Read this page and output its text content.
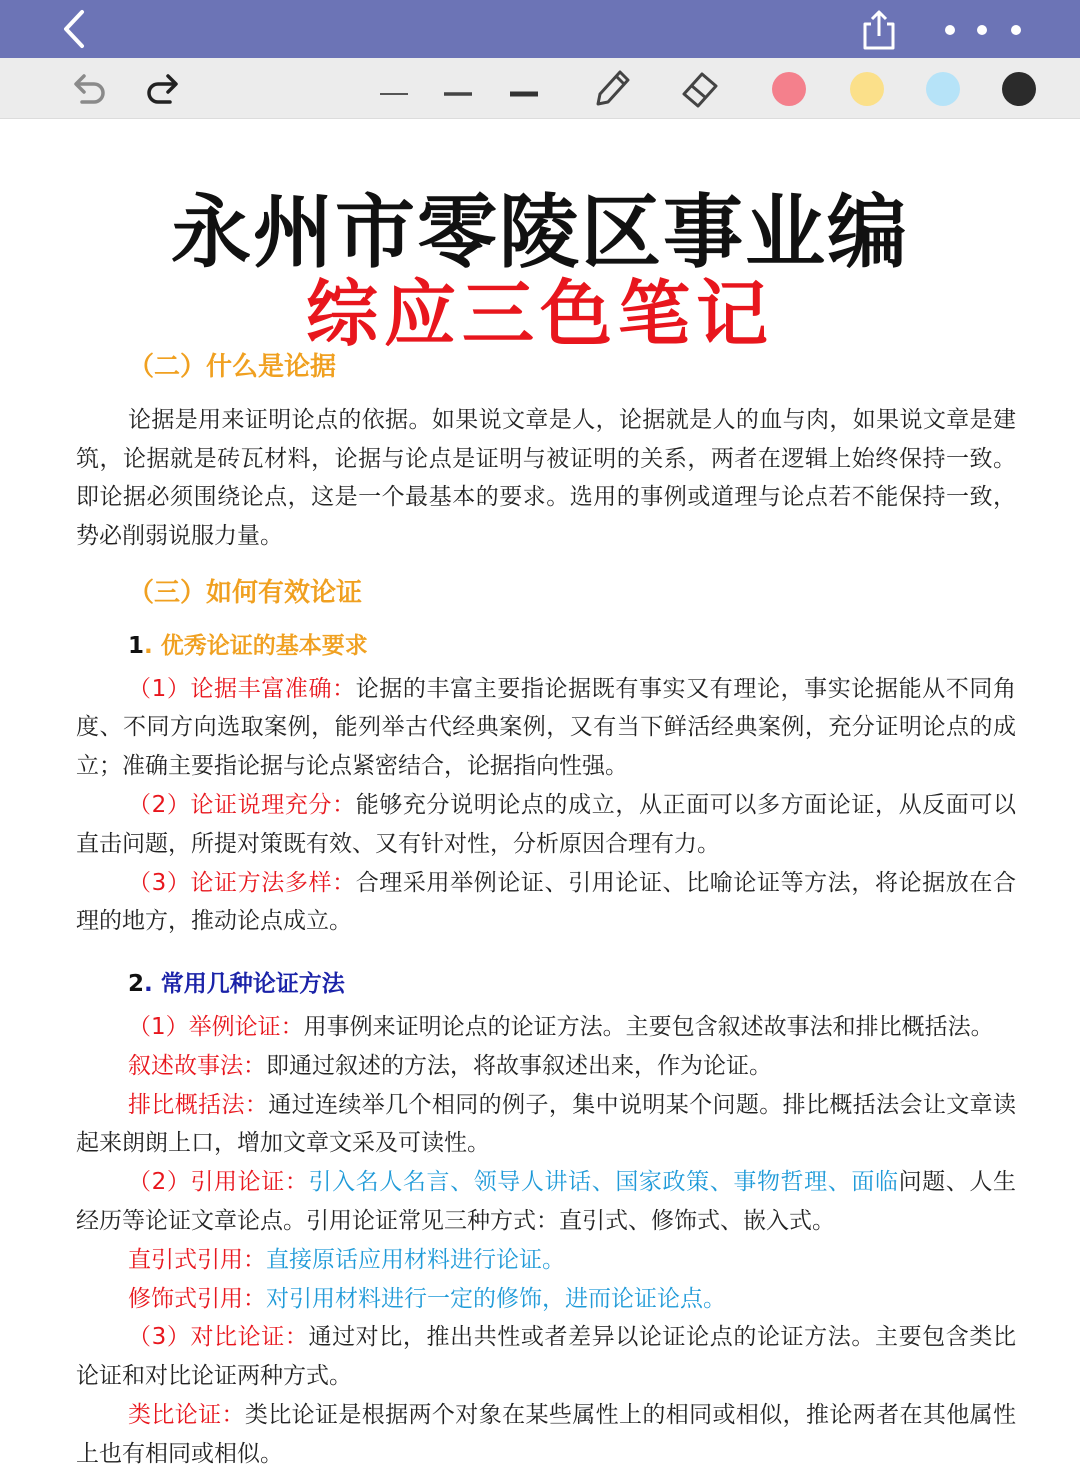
永州市零陵区事业编
综应三色笔记

（二）什么是论据

论据是用来证明论点的依据。如果说文章是人，论据就是人的血与肉，如果说文章是建筑，论据就是砖瓦材料，论据与论点是证明与被证明的关系，两者在逻辑上始终保持一致。即论据必须围绕论点，这是一个最基本的要求。选用的事例或道理与论点若不能保持一致，势必削弱说服力量。

（三）如何有效论证

1. 优秀论证的基本要求

（1）论据丰富准确：论据的丰富主要指论据既有事实又有理论，事实论据能从不同角度、不同方向选取案例，能列举古代经典案例，又有当下鲜活经典案例，充分证明论点的成立；准确主要指论据与论点紧密结合，论据指向性强。

（2）论证说理充分：能够充分说明论点的成立，从正面可以多方面论证，从反面可以直击问题，所提对策既有效、又有针对性，分析原因合理有力。

（3）论证方法多样：合理采用举例论证、引用论证、比喻论证等方法，将论据放在合理的地方，推动论点成立。

2. 常用几种论证方法

（1）举例论证：用事例来证明论点的论证方法。主要包含叙述故事法和排比概括法。

叙述故事法：即通过叙述的方法，将故事叙述出来，作为论证。

排比概括法：通过连续举几个相同的例子，集中说明某个问题。排比概括法会让文章读起来朗朗上口，增加文章文采及可读性。

（2）引用论证：引入名人名言、领导人讲话、国家政策、事物哲理、面临问题、人生经历等论证文章论点。引用论证常见三种方式：直引式、修饰式、嵌入式。

直引式引用：直接原话应用材料进行论证。

修饰式引用：对引用材料进行一定的修饰，进而论证论点。

（3）对比论证：通过对比，推出共性或者差异以论证论点的论证方法。主要包含类比论证和对比论证两种方式。

类比论证：类比论证是根据两个对象在某些属性上的相同或相似，推论两者在其他属性上也有相同或相似。
